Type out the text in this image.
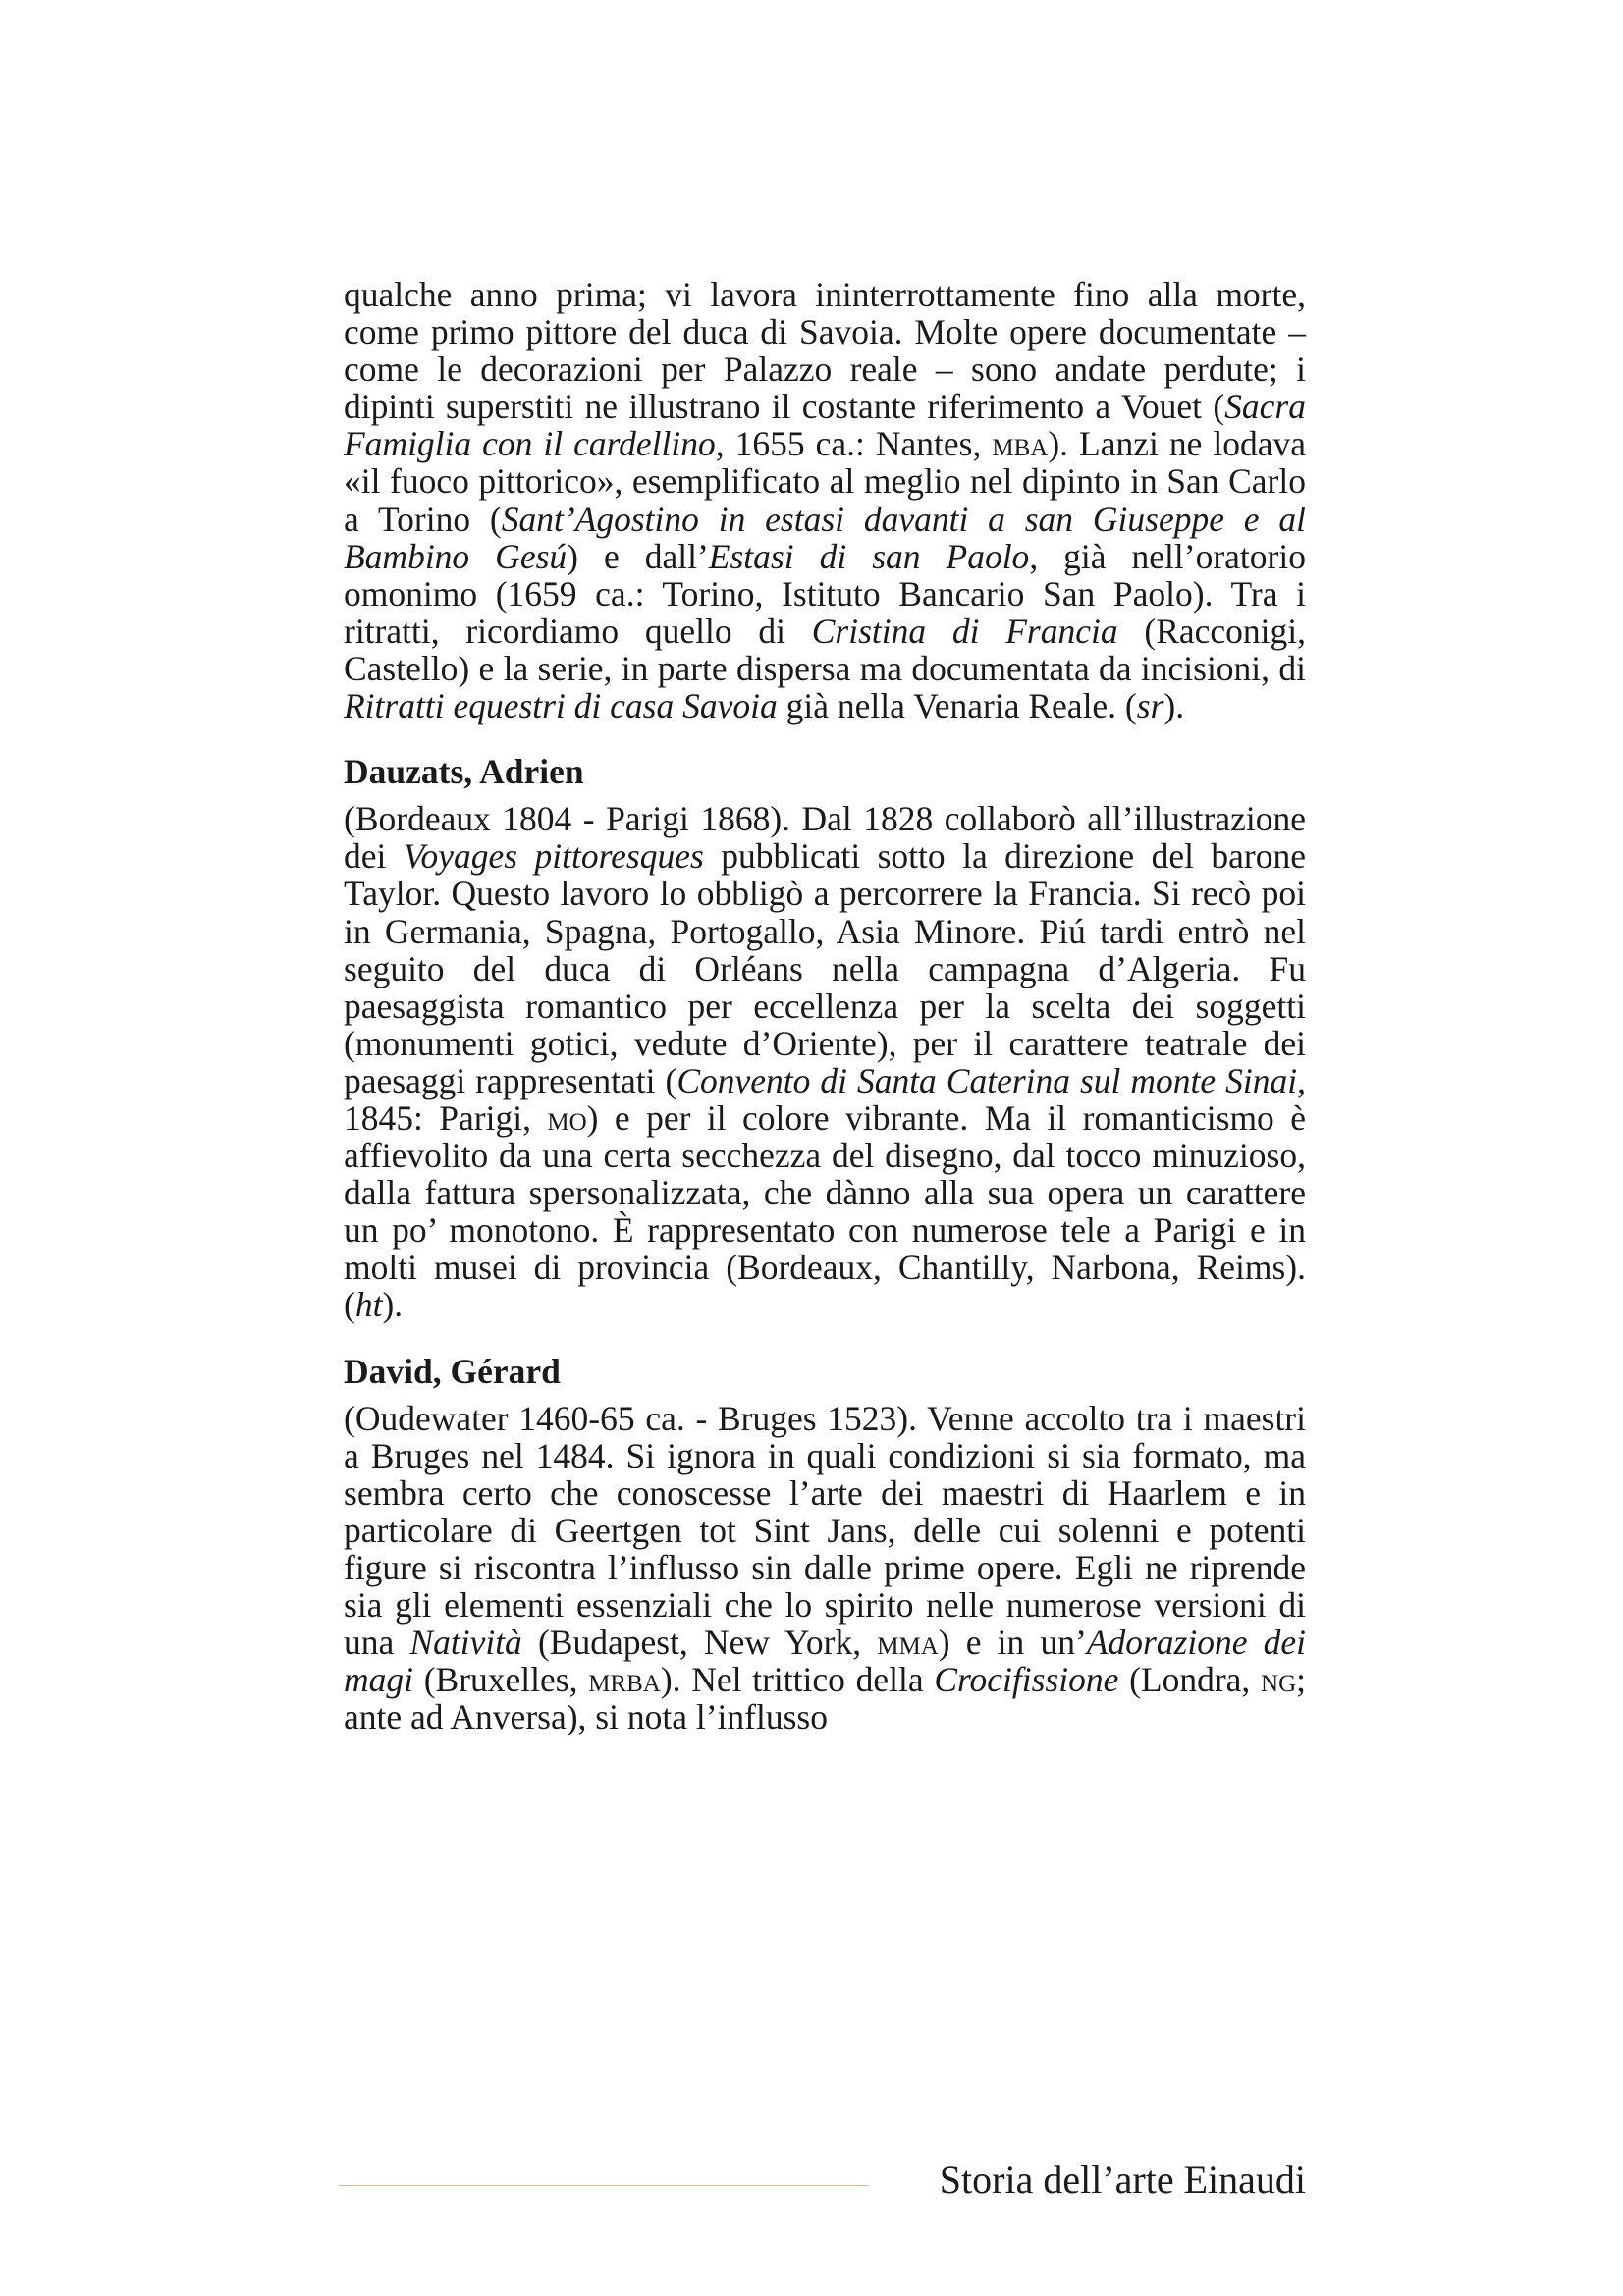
qualche anno prima; vi lavora ininterrottamente fino alla morte, come primo pittore del duca di Savoia. Molte opere documentate – come le decorazioni per Palazzo reale – sono andate perdute; i dipinti superstiti ne illustrano il costante riferimento a Vouet (Sacra Famiglia con il cardellino, 1655 ca.: Nantes, mba). Lanzi ne lodava «il fuoco pittorico», esemplificato al meglio nel dipinto in San Carlo a Torino (Sant’Agostino in estasi davanti a san Giuseppe e al Bambino Gesú) e dall’Estasi di san Paolo, già nell’oratorio omonimo (1659 ca.: Torino, Istituto Bancario San Paolo). Tra i ritratti, ricordiamo quello di Cristina di Francia (Racconigi, Castello) e la serie, in parte dispersa ma documentata da incisioni, di Ritratti equestri di casa Savoia già nella Venaria Reale. (sr).

Dauzats, Adrien

(Bordeaux 1804 - Parigi 1868). Dal 1828 collaborò all’illustrazione dei Voyages pittoresques pubblicati sotto la direzione del barone Taylor. Questo lavoro lo obbligò a percorrere la Francia. Si recò poi in Germania, Spagna, Portogallo, Asia Minore. Piú tardi entrò nel seguito del duca di Orléans nella campagna d’Algeria. Fu paesaggista romantico per eccellenza per la scelta dei soggetti (monumenti gotici, vedute d’Oriente), per il carattere teatrale dei paesaggi rappresentati (Convento di Santa Caterina sul monte Sinai, 1845: Parigi, mo) e per il colore vibrante. Ma il romanticismo è affievolito da una certa secchezza del disegno, dal tocco minuzioso, dalla fattura spersonalizzata, che dànno alla sua opera un carattere un po’ monotono. È rappresentato con numerose tele a Parigi e in molti musei di provincia (Bordeaux, Chantilly, Narbona, Reims). (ht).

David, Gérard

(Oudewater 1460-65 ca. - Bruges 1523). Venne accolto tra i maestri a Bruges nel 1484. Si ignora in quali condizioni si sia formato, ma sembra certo che conoscesse l’arte dei maestri di Haarlem e in particolare di Geertgen tot Sint Jans, delle cui solenni e potenti figure si riscontra l’influsso sin dalle prime opere. Egli ne riprende sia gli elementi essenziali che lo spirito nelle numerose versioni di una Natività (Budapest, New York, mma) e in un’Adorazione dei magi (Bruxelles, mrba). Nel trittico della Crocifissione (Londra, ng; ante ad Anversa), si nota l’influsso

Storia dell’arte Einaudi
